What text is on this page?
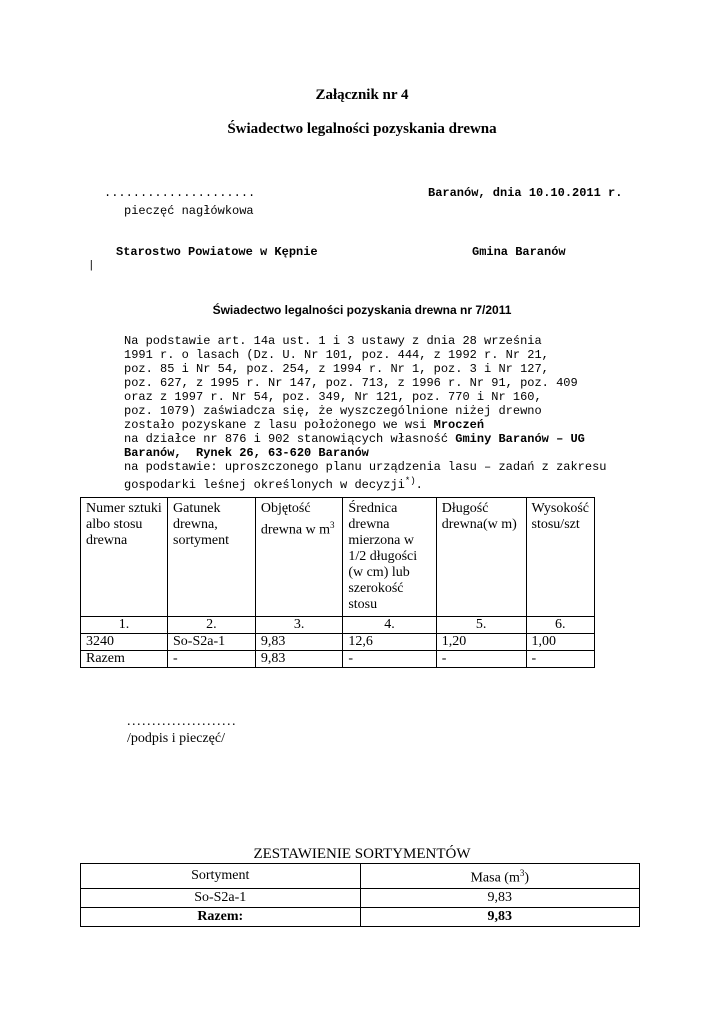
Załącznik nr 4
Świadectwo legalności pozyskania drewna
.....................	Baranów, dnia 10.10.2011 r.
pieczęć nagłówkowa
Starostwo Powiatowe w Kępnie	Gmina Baranów
|
Świadectwo legalności pozyskania drewna nr 7/2011
Na podstawie art. 14a ust. 1 i 3 ustawy z dnia 28 września
1991 r. o lasach (Dz. U. Nr 101, poz. 444, z 1992 r. Nr 21,
poz. 85 i Nr 54, poz. 254, z 1994 r. Nr 1, poz. 3 i Nr 127,
poz. 627, z 1995 r. Nr 147, poz. 713, z 1996 r. Nr 91, poz. 409
oraz z 1997 r. Nr 54, poz. 349, Nr 121, poz. 770 i Nr 160,
poz. 1079) zaświadcza się, że wyszczególnione niżej drewno
zostało pozyskane z lasu położonego we wsi Mroczeń
na działce nr 876 i 902 stanowiących własność Gminy Baranów – UG
Baranów,  Rynek 26, 63-620 Baranów
na podstawie: uproszczonego planu urządzenia lasu – zadań z zakresu
gospodarki leśnej określonych w decyzji*).
Numer sztuki albo stosu drewna	Gatunek drewna, sortyment	Objętość drewna w $m^3$	Średnica drewna mierzona w 1/2 długości (w cm) lub szerokość stosu	Długość drewna(w m)	Wysokość stosu/szt
1.	2.	3.	4.	5.	6.
3240	So-S2a-1	9,83	12,6	1,20	1,00
Razem	-	9,83	-	-	-
......................
/podpis i pieczęć/
ZESTAWIENIE SORTYMENTÓW
Sortyment	Masa $(m^3)$
So-S2a-1	9,83
Razem:	9,83
